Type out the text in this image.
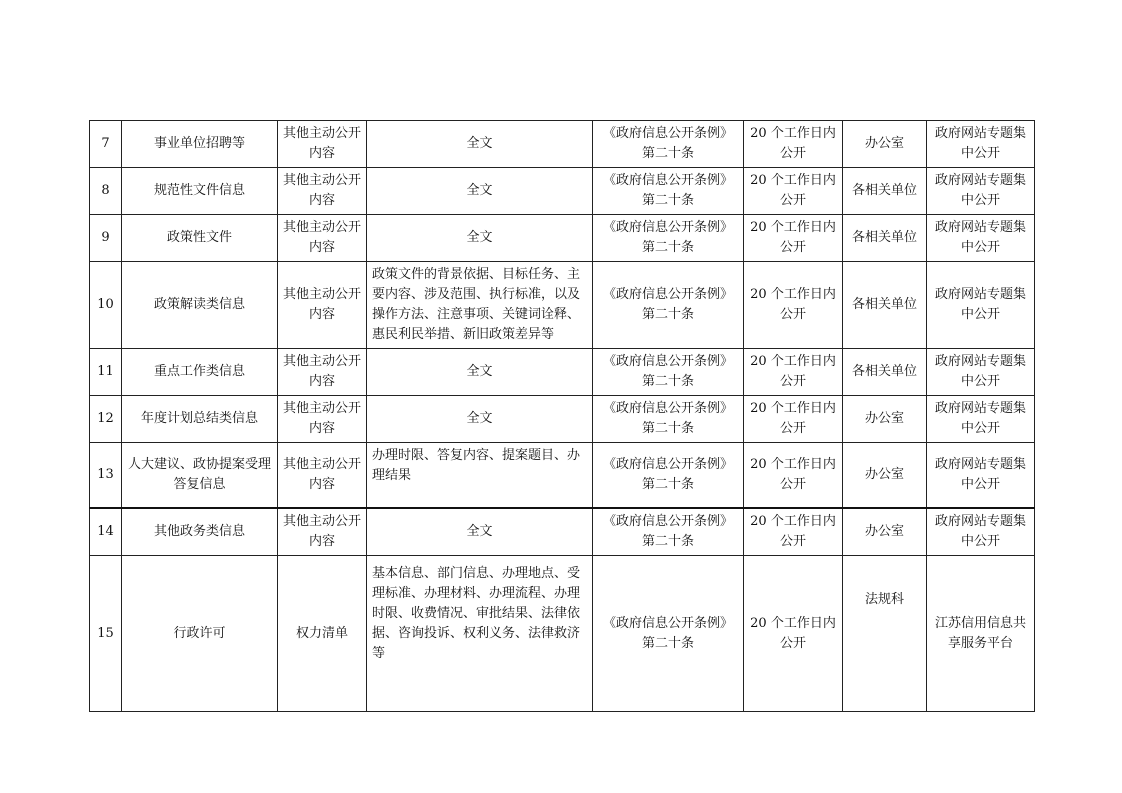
7	事业单位招聘等	其他主动公开内容	全文	《政府信息公开条例》第二十条	20 个工作日内公开	办公室	政府网站专题集中公开
8	规范性文件信息	其他主动公开内容	全文	《政府信息公开条例》第二十条	20 个工作日内公开	各相关单位	政府网站专题集中公开
9	政策性文件	其他主动公开内容	全文	《政府信息公开条例》第二十条	20 个工作日内公开	各相关单位	政府网站专题集中公开
10	政策解读类信息	其他主动公开内容	政策文件的背景依据、目标任务、主要内容、涉及范围、执行标准，以及操作方法、注意事项、关键词诠释、惠民利民举措、新旧政策差异等	《政府信息公开条例》第二十条	20 个工作日内公开	各相关单位	政府网站专题集中公开
11	重点工作类信息	其他主动公开内容	全文	《政府信息公开条例》第二十条	20 个工作日内公开	各相关单位	政府网站专题集中公开
12	年度计划总结类信息	其他主动公开内容	全文	《政府信息公开条例》第二十条	20 个工作日内公开	办公室	政府网站专题集中公开
13	人大建议、政协提案受理答复信息	其他主动公开内容	办理时限、答复内容、提案题目、办理结果	《政府信息公开条例》第二十条	20 个工作日内公开	办公室	政府网站专题集中公开
14	其他政务类信息	其他主动公开内容	全文	《政府信息公开条例》第二十条	20 个工作日内公开	办公室	政府网站专题集中公开
15	行政许可	权力清单	基本信息、部门信息、办理地点、受理标准、办理材料、办理流程、办理时限、收费情况、审批结果、法律依据、咨询投诉、权利义务、法律救济等	《政府信息公开条例》第二十条	20 个工作日内公开	法规科	江苏信用信息共享服务平台
